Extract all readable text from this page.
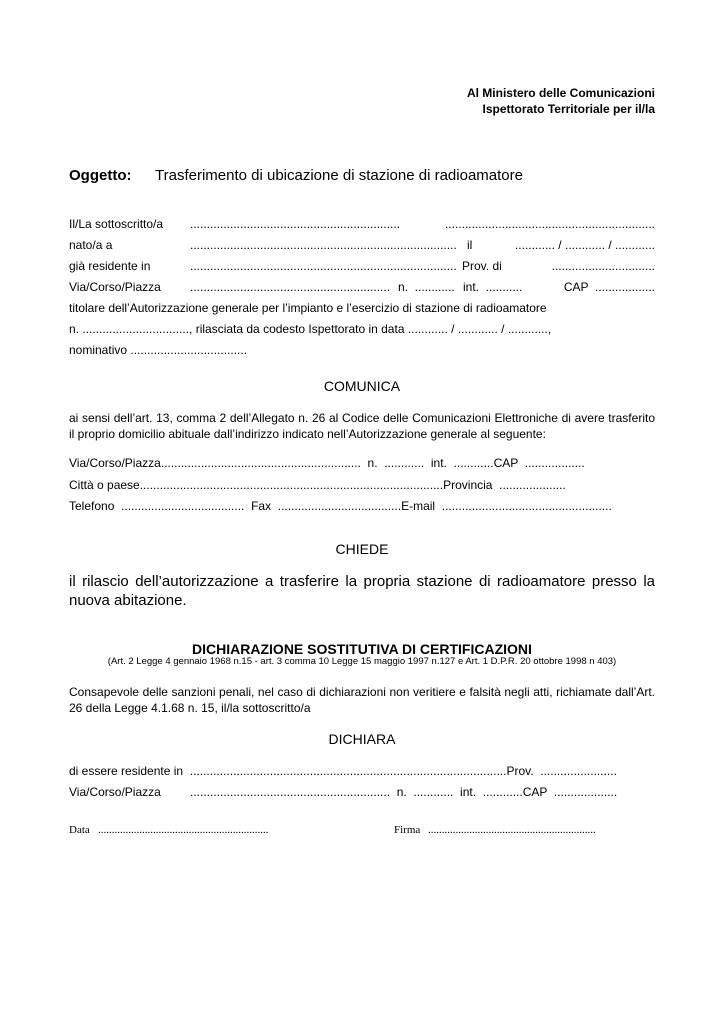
Al Ministero delle Comunicazioni
Ispettorato Territoriale per il/la
Oggetto: Trasferimento di ubicazione di stazione di radioamatore
Il/La sottoscritto/a ...............................................................	...............................................................
nato/a a	................................................................................ il	............ / ............ / ............
già residente in	................................................................................ Prov. di	...............................
Via/Corso/Piazza ............................................................ n.  ............ int.  ...........	CAP  ..................
titolare dell’Autorizzazione generale per l’impianto e l’esercizio di stazione di radioamatore
n. ................................, rilasciata da codesto Ispettorato in data ............ / ............ / ............,
nominativo ...................................
COMUNICA
ai sensi dell’art. 13, comma 2 dell’Allegato n. 26 al Codice delle Comunicazioni Elettroniche di avere trasferito il proprio domicilio abituale dall’indirizzo indicato nell’Autorizzazione generale al seguente:
Via/Corso/Piazza............................................................  n.  ............  int.  ............CAP  ..................
Città o paese...........................................................................................Provincia  ....................
Telefono  .....................................  Fax  .....................................E-mail  ...................................................
CHIEDE
il rilascio dell’autorizzazione a trasferire la propria stazione di radioamatore presso la nuova abitazione.
DICHIARAZIONE SOSTITUTIVA DI CERTIFICAZIONI
(Art. 2 Legge 4 gennaio 1968 n.15 - art. 3 comma 10 Legge 15 maggio 1997 n.127 e Art. 1 D.P.R. 20 ottobre 1998 n 403)
Consapevole delle sanzioni penali, nel caso di dichiarazioni non veritiere e falsità negli atti, richiamate dall’Art. 26 della Legge 4.1.68 n. 15, il/la sottoscritto/a
DICHIARA
di essere residente in  ...............................................................................................Prov.  .......................
Via/Corso/Piazza ............................................................  n.  ............  int.  ............CAP  ...................
Data ..............................................................	Firma .............................................................
